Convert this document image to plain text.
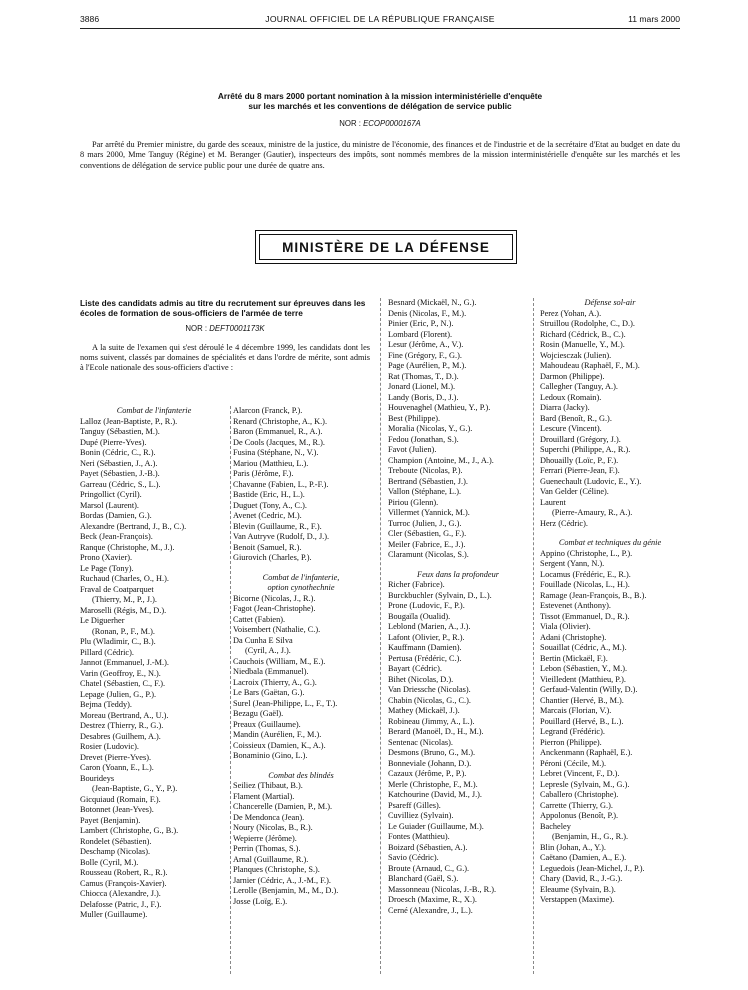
3886	JOURNAL OFFICIEL DE LA RÉPUBLIQUE FRANÇAISE	11 mars 2000
Arrêté du 8 mars 2000 portant nomination à la mission interministérielle d'enquête
sur les marchés et les conventions de délégation de service public
NOR : ECOP0000167A

Par arrêté du Premier ministre, du garde des sceaux, ministre de la justice, du ministre de l'économie, des finances et de l'industrie et de la secrétaire d'Etat au budget en date du 8 mars 2000, Mme Tanguy (Régine) et M. Beranger (Gautier), inspecteurs des impôts, sont nommés membres de la mission interministérielle d'enquête sur les marchés et les conventions de délégation de service public pour une durée de quatre ans.

MINISTÈRE DE LA DÉFENSE
Liste des candidats admis au titre du recrutement sur épreuves dans les écoles de formation de sous-officiers de l'armée de terre
NOR : DEFT0001173K
A la suite de l'examen qui s'est déroulé le 4 décembre 1999, les candidats dont les noms suivent, classés par domaines de spécialités et dans l'ordre de mérite, sont admis à l'Ecole nationale des sous-officiers d'active :
Combat de l'infanterie
Lalloz (Jean-Baptiste, P., R.).
Tanguy (Sébastien, M.).
Dupé (Pierre-Yves).
Bonin (Cédric, C., R.).
Neri (Sébastien, J., A.).
Payet (Sébastien, J.-B.).
Garreau (Cédric, S., L.).
Pringollict (Cyril).
Marsol (Laurent).
Bordas (Damien, G.).
Alexandre (Bertrand, J., B., C.).
Beck (Jean-François).
Ranque (Christophe, M., J.).
Prono (Xavier).
Le Page (Tony).
Ruchaud (Charles, O., H.).
Fraval de Coatparquet
(Thierry, M., P., J.).
Maroselli (Régis, M., D.).
Le Diguerher
(Ronan, P., F., M.).
Plu (Wladimir, C., B.).
Pillard (Cédric).
Jannot (Emmanuel, J.-M.).
Varin (Geoffroy, E., N.).
Chatel (Sébastien, C., F.).
Lepage (Julien, G., P.).
Bejma (Teddy).
Moreau (Bertrand, A., U.).
Destrez (Thierry, R., G.).
Desabres (Guilhem, A.).
Rosier (Ludovic).
Drevet (Pierre-Yves).
Caron (Yoann, E., L.).
Bourideys
(Jean-Baptiste, G., Y., P.).
Gicquiaud (Romain, F.).
Botonnet (Jean-Yves).
Payet (Benjamin).
Lambert (Christophe, G., B.).
Rondelet (Sébastien).
Deschamp (Nicolas).
Bolle (Cyril, M.).
Rousseau (Robert, R., R.).
Camus (François-Xavier).
Chiocca (Alexandre, J.).
Delafosse (Patric, J., F.).
Muller (Guillaume).
Alarcon (Franck, P.).
Renard (Christophe, A., K.).
Baron (Emmanuel, R., A.).
De Cools (Jacques, M., R.).
Fusina (Stéphane, N., V.).
Mariou (Matthieu, L.).
Paris (Jérôme, F.).
Chavanne (Fabien, L., P.-F.).
Bastide (Eric, H., L.).
Duguet (Tony, A., C.).
Avenet (Cedric, M.).
Blevin (Guillaume, R., F.).
Van Autryve (Rudolf, D., J.).
Benoit (Samuel, R.).
Giurovich (Charles, P.).
Combat de l'infanterie,
option cynothechnie
Bicorne (Nicolas, J., R.).
Fagot (Jean-Christophe).
Cattet (Fabien).
Voisembert (Nathalie, C.).
Da Cunha E Silva
(Cyril, A., J.).
Cauchois (William, M., E.).
Niedbala (Emmanuel).
Lacroix (Thierry, A., G.).
Le Bars (Gaëtan, G.).
Surel (Jean-Philippe, L., F., T.).
Bezagu (Gaël).
Preaux (Guillaume).
Mandin (Aurélien, F., M.).
Coissieux (Damien, K., A.).
Bonaminio (Gino, L.).
Combat des blindés
Seiliez (Thibaut, B.).
Flament (Martial).
Chancerelle (Damien, P., M.).
De Mendonca (Jean).
Noury (Nicolas, B., R.).
Wepierre (Jérôme).
Perrin (Thomas, S.).
Arnal (Guillaume, R.).
Planques (Christophe, S.).
Jarnier (Cédric, A., J.-M., F.).
Lerolle (Benjamin, M., M., D.).
Josse (Loïg, E.).
Besnard (Mickaël, N., G.).
Denis (Nicolas, F., M.).
Pinier (Eric, P., N.).
Lombard (Florent).
Lesur (Jérôme, A., V.).
Fine (Grégory, F., G.).
Page (Aurélien, P., M.).
Rat (Thomas, T., D.).
Jonard (Lionel, M.).
Landy (Boris, D., J.).
Houvenaghel (Mathieu, Y., P.).
Best (Philippe).
Moralia (Nicolas, Y., G.).
Fedou (Jonathan, S.).
Favot (Julien).
Champion (Antoine, M., J., A.).
Treboute (Nicolas, P.).
Bertrand (Sébastien, J.).
Vallon (Stéphane, L.).
Piriou (Glenn).
Villermet (Yannick, M.).
Turroc (Julien, J., G.).
Cler (Sébastien, G., F.).
Meiler (Fabrice, E., J.).
Claramunt (Nicolas, S.).
Feux dans la profondeur
Richer (Fabrice).
Burckbuchler (Sylvain, D., L.).
Prone (Ludovic, F., P.).
Bougaïla (Oualid).
Leblond (Marien, A., J.).
Lafont (Olivier, P., R.).
Kauffmann (Damien).
Pertusa (Frédéric, C.).
Bayart (Cédric).
Bihet (Nicolas, D.).
Van Driessche (Nicolas).
Chabin (Nicolas, G., C.).
Mathey (Mickaël, J.).
Robineau (Jimmy, A., L.).
Berard (Manoël, D., H., M.).
Sentenac (Nicolas).
Desmons (Bruno, G., M.).
Bonneviale (Johann, D.).
Cazaux (Jérôme, P., P.).
Merle (Christophe, F., M.).
Katchourine (David, M., J.).
Psareff (Gilles).
Cuvilliez (Sylvain).
Le Guiader (Guillaume, M.).
Fontes (Matthieu).
Boizard (Sébastien, A.).
Savio (Cédric).
Broute (Arnaud, C., G.).
Blanchard (Gaël, S.).
Massonneau (Nicolas, J.-B., R.).
Droesch (Maxime, R., X.).
Cerné (Alexandre, J., L.).
Défense sol-air
Perez (Yohan, A.).
Struillou (Rodolphe, C., D.).
Richard (Cédrick, B., C.).
Rosin (Manuelle, Y., M.).
Wojciesczak (Julien).
Mahoudeau (Raphaël, F., M.).
Darmon (Philippe).
Callegher (Tanguy, A.).
Ledoux (Romain).
Diarra (Jacky).
Bard (Benoît, R., G.).
Lescure (Vincent).
Drouillard (Grégory, J.).
Superchi (Philippe, A., R.).
Dhouailly (Loïc, P., F.).
Ferrari (Pierre-Jean, F.).
Guenechault (Ludovic, E., Y.).
Van Gelder (Céline).
Laurent
(Pierre-Amaury, R., A.).
Herz (Cédric).
Combat et techniques du génie
Appino (Christophe, L., P.).
Sergent (Yann, N.).
Locamus (Frédéric, E., R.).
Fouillade (Nicolas, L., H.).
Ramage (Jean-François, B., B.).
Estevenet (Anthony).
Tissot (Emmanuel, D., R.).
Viala (Olivier).
Adani (Christophe).
Souaillat (Cédric, A., M.).
Bertin (Mickaël, F.).
Lebon (Sébastien, Y., M.).
Vieilledent (Matthieu, P.).
Gerfaud-Valentin (Willy, D.).
Chantier (Hervé, B., M.).
Marcais (Florian, V.).
Pouillard (Hervé, B., L.).
Legrand (Frédéric).
Pierron (Philippe).
Anckenmann (Raphaël, E.).
Péroni (Cécile, M.).
Lebret (Vincent, F., D.).
Lepresle (Sylvain, M., G.).
Caballero (Christophe).
Carrette (Thierry, G.).
Appolonus (Benoît, P.).
Bacheley
(Benjamin, H., G., R.).
Blin (Johan, A., Y.).
Caëtano (Damien, A., E.).
Leguedois (Jean-Michel, J., P.).
Chary (David, R., J.-G.).
Eleaume (Sylvain, B.).
Verstappen (Maxime).
